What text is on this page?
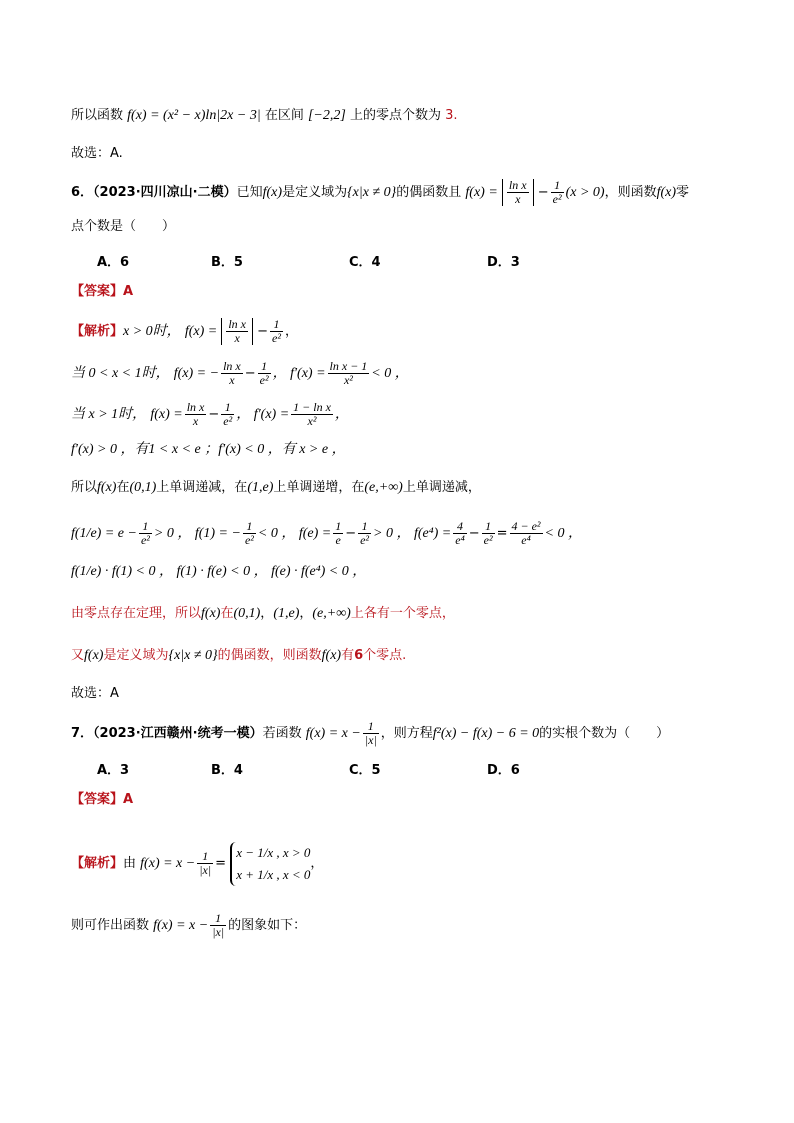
所以函数 f(x) = (x² − x)ln|2x − 3| 在区间 [−2,2] 上的零点个数为 3.
故选：A.
6．（2023·四川凉山·二模）已知f(x)是定义域为{x|x ≠ 0}的偶函数且 $f(x) = \frac{\text{ln x}}{x} - \frac{1}{\text{e²}} (x > 0)$，则函数f(x)零
点个数是（　　）
A．6	B．5	C．4	D．3
【答案】A
【解析】x > 0时， $f(x) = \frac{\text{ln x}}{x} - \frac{1}{\text{e²}}$ ，
当 0 < x < 1时， f(x) = − $\frac{\text{ln x}}{x} - \frac{1}{\text{e²}}$ ， $f'(x) = \frac{\text{ln x − 1}}{\text{x²}} < 0$ ，
当 x > 1时， $f(x) = \frac{\text{ln x}}{x} - \frac{1}{\text{e²}}$ ， $f'(x) = \frac{\text{1 − ln x}}{\text{x²}}$ ，
f′(x) > 0 ，有1 < x < e ；f′(x) < 0 ，有 x > e ，
所以f(x)在(0,1)上单调递减，在(1,e)上单调递增，在(e,+∞)上单调递减，
$f(1/e) = e - \frac{1}{\text{e²}} > 0$ ， f(1) = − $\frac{1}{\text{e²}} < 0$ ， $f(e) = \frac{1}{e} - \frac{1}{\text{e²}} > 0$ ， $f(e^4) = \frac{4}{\text{e⁴}} - \frac{1}{\text{e²}} = \frac{\text{4 − e²}}{\text{e⁴}} < 0$ ，
f(1/e) · f(1) < 0 ， f(1) · f(e) < 0 ， f(e) · f(e⁴) < 0 ，
由零点存在定理，所以f(x)在(0,1)，(1,e)，(e,+∞)上各有一个零点，
又f(x)是定义域为{x|x ≠ 0}的偶函数，则函数f(x)有6个零点.
故选：A
7．（2023·江西赣州·统考一模）若函数 $f(x) = x - \frac{1}{|x|}$ ，则方程f²(x) − f(x) − 6 = 0的实根个数为（　　）
A．3	B．4	C．5	D．6
【答案】A
【解析】由 $f(x) = x - \frac{1}{|x|}$ =
x − 1/x , x > 0
x + 1/x , x < 0
，
则可作出函数 $f(x) = x - \frac{1}{|x|}$ 的图象如下：
